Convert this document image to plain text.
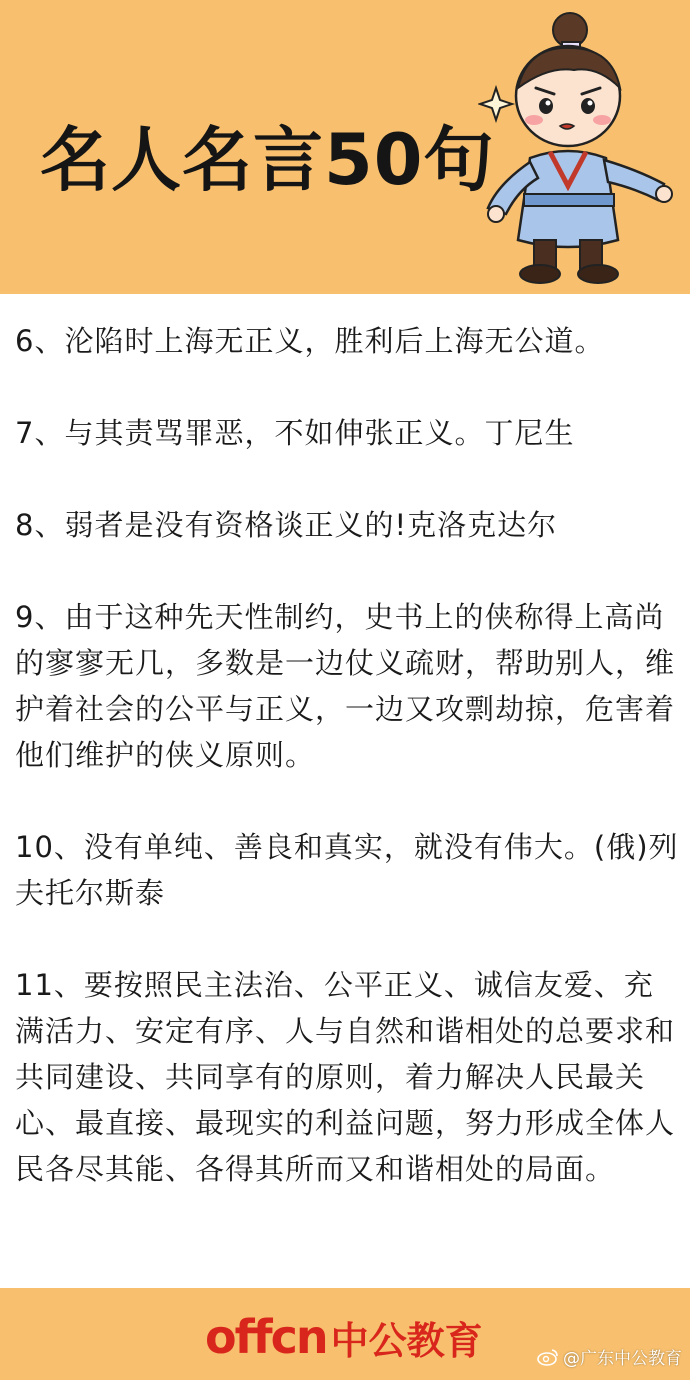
名人名言50句
6、沦陷时上海无正义，胜利后上海无公道。
7、与其责骂罪恶，不如伸张正义。丁尼生
8、弱者是没有资格谈正义的!克洛克达尔
9、由于这种先天性制约，史书上的侠称得上高尚的寥寥无几，多数是一边仗义疏财，帮助别人，维护着社会的公平与正义，一边又攻剽劫掠，危害着他们维护的侠义原则。
10、没有单纯、善良和真实，就没有伟大。(俄)列夫托尔斯泰
11、要按照民主法治、公平正义、诚信友爱、充满活力、安定有序、人与自然和谐相处的总要求和共同建设、共同享有的原则，着力解决人民最关心、最直接、最现实的利益问题，努力形成全体人民各尽其能、各得其所而又和谐相处的局面。
offcn 中公教育	@广东中公教育
